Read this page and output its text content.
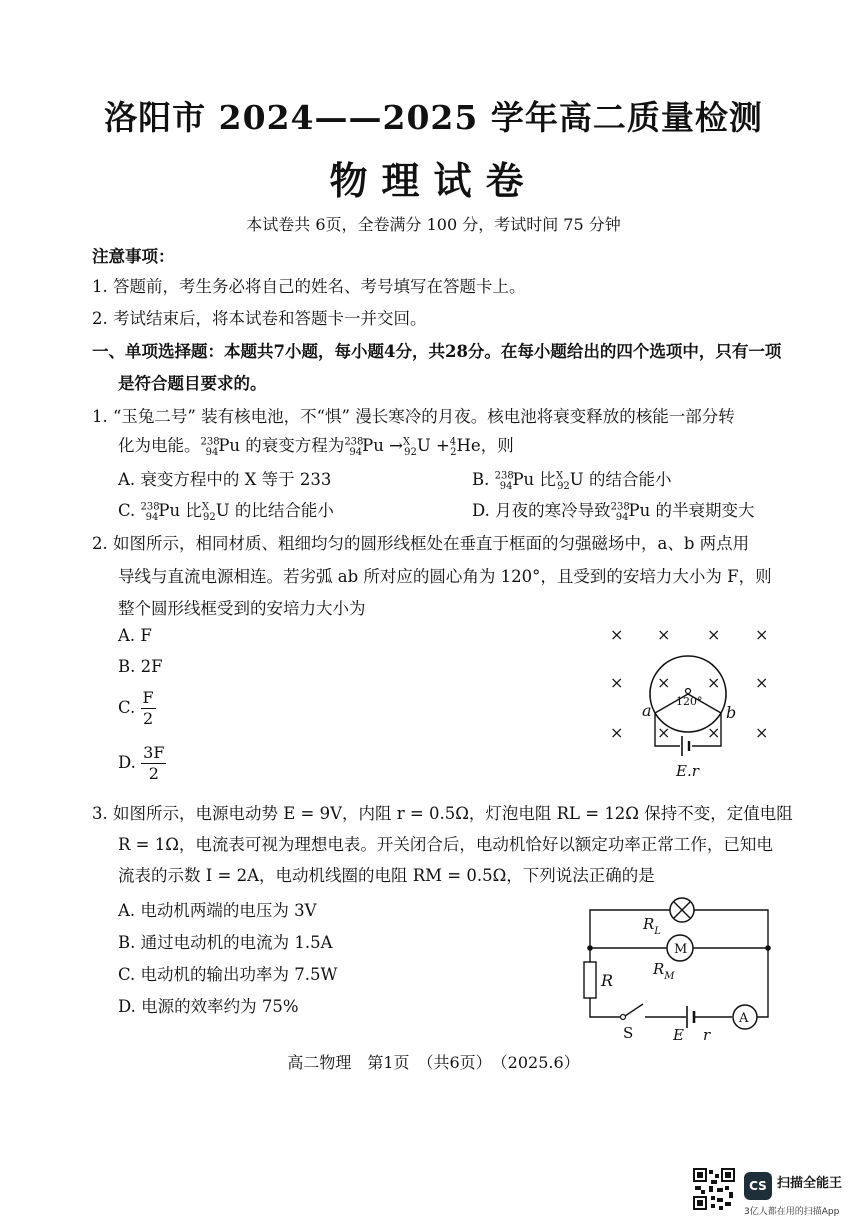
洛阳市 2024——2025 学年高二质量检测
物理试卷
本试卷共 6页，全卷满分 100 分，考试时间 75 分钟
注意事项：
1. 答题前，考生务必将自己的姓名、考号填写在答题卡上。
2. 考试结束后，将本试卷和答题卡一并交回。
一、单项选择题：本题共7小题，每小题4分，共28分。在每小题给出的四个选项中，只有一项
是符合题目要求的。
1. “玉兔二号” 装有核电池，不“惧” 漫长寒冷的月夜。核电池将衰变释放的核能一部分转
化为电能。$^{238}_{94}$Pu 的衰变方程为$^{238}_{94}$Pu →$^X_{92}$U +$^4_2$He，则
A. 衰变方程中的 X 等于 233	B. $^{238}_{94}$Pu 比$^X_{92}$U 的结合能小
C. $^{238}_{94}$Pu 比$^X_{92}$U 的比结合能小	D. 月夜的寒冷导致$^{238}_{94}$Pu 的半衰期变大
2. 如图所示，相同材质、粗细均匀的圆形线框处在垂直于框面的匀强磁场中，a、b 两点用
导线与直流电源相连。若劣弧 ab 所对应的圆心角为 120°，且受到的安培力大小为 F，则
整个圆形线框受到的安培力大小为
A. F
B. 2F
C. $\frac{F}{2}$
D. $\frac{3F}{2}$
× × × ×
× × × ×
× × × ×
120°
a	b
E.r
3. 如图所示，电源电动势 E = 9V，内阻 r = 0.5Ω，灯泡电阻 RL = 12Ω 保持不变，定值电阻
R = 1Ω，电流表可视为理想电表。开关闭合后，电动机恰好以额定功率正常工作，已知电
流表的示数 I = 2A，电动机线圈的电阻 RM = 0.5Ω，下列说法正确的是
A. 电动机两端的电压为 3V
B. 通过电动机的电流为 1.5A
C. 电动机的输出功率为 7.5W
D. 电源的效率约为 75%
$R_L$
M
$R_M$
R
S	E r
A
高二物理　第1页　（共6页）　（2025.6）
CS 扫描全能王
3亿人都在用的扫描App
